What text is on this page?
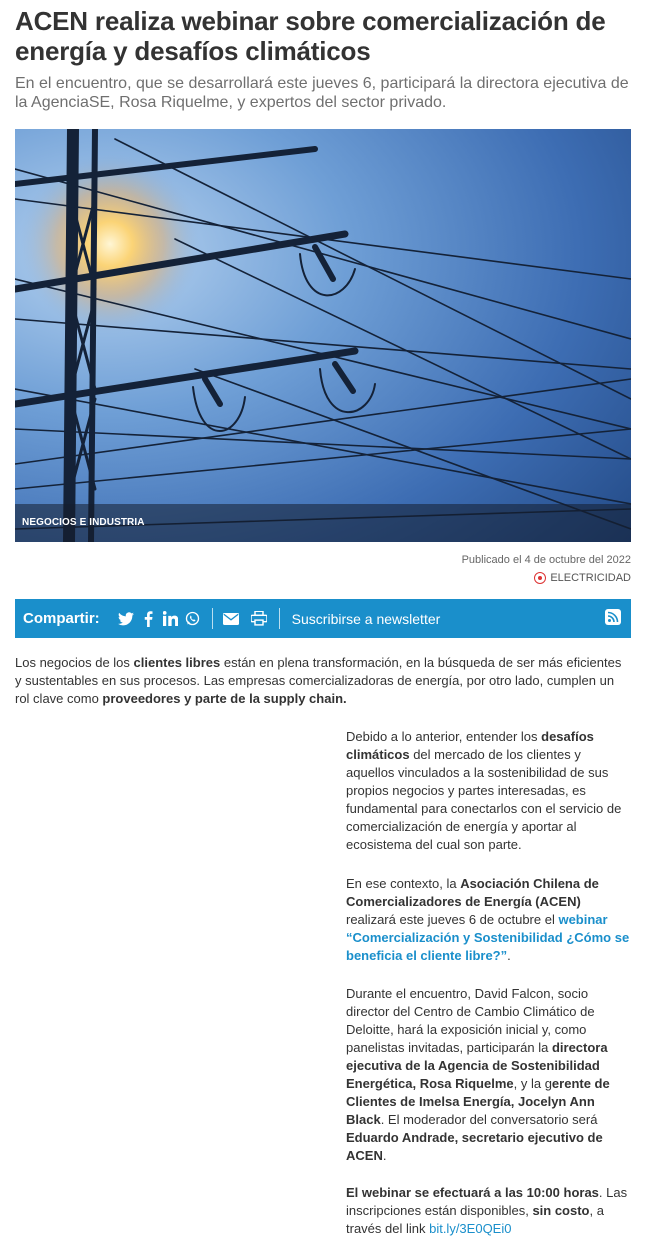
ACEN realiza webinar sobre comercialización de energía y desafíos climáticos

En el encuentro, que se desarrollará este jueves 6, participará la directora ejecutiva de la AgenciaSE, Rosa Riquelme, y expertos del sector privado.

NEGOCIOS E INDUSTRIA
Publicado el 4 de octubre del 2022
ELECTRICIDAD
Compartir:	Suscribirse a newsletter

Los negocios de los clientes libres están en plena transformación, en la búsqueda de ser más eficientes y sustentables en sus procesos. Las empresas comercializadoras de energía, por otro lado, cumplen un rol clave como proveedores y parte de la supply chain.

Debido a lo anterior, entender los desafíos climáticos del mercado de los clientes y aquellos vinculados a la sostenibilidad de sus propios negocios y partes interesadas, es fundamental para conectarlos con el servicio de comercialización de energía y aportar al ecosistema del cual son parte.

En ese contexto, la Asociación Chilena de Comercializadores de Energía (ACEN) realizará este jueves 6 de octubre el webinar “Comercialización y Sostenibilidad ¿Cómo se beneficia el cliente libre?”.

Durante el encuentro, David Falcon, socio director del Centro de Cambio Climático de Deloitte, hará la exposición inicial y, como panelistas invitadas, participarán la directora ejecutiva de la Agencia de Sostenibilidad Energética, Rosa Riquelme, y la gerente de Clientes de Imelsa Energía, Jocelyn Ann Black. El moderador del conversatorio será Eduardo Andrade, secretario ejecutivo de ACEN.

El webinar se efectuará a las 10:00 horas. Las inscripciones están disponibles, sin costo, a través del link bit.ly/3E0QEi0
